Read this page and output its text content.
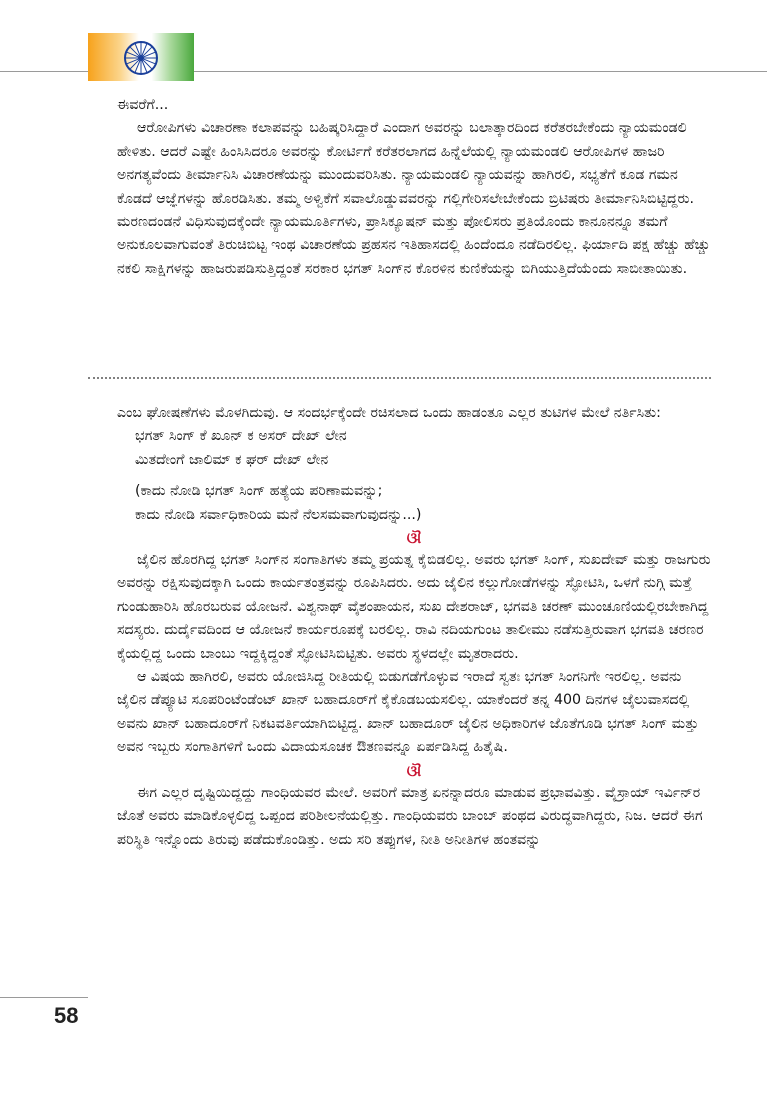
ಈವರೆಗೆ...

ಆರೋಪಿಗಳು ವಿಚಾರಣಾ ಕಲಾಪವನ್ನು ಬಹಿಷ್ಕರಿಸಿದ್ದಾರೆ ಎಂದಾಗ ಅವರನ್ನು ಬಲಾತ್ಕಾರದಿಂದ ಕರೆತರಬೇಕೆಂದು ನ್ಯಾಯಮಂಡಲಿ ಹೇಳಿತು. ಆದರೆ ಎಷ್ಟೇ ಹಿಂಸಿಸಿದರೂ ಅವರನ್ನು ಕೋರ್ಟಿಗೆ ಕರೆತರಲಾಗದ ಹಿನ್ನೆಲೆಯಲ್ಲಿ ನ್ಯಾಯಮಂಡಲಿ ಆರೋಪಿಗಳ ಹಾಜರಿ ಅನಗತ್ಯವೆಂದು ತೀರ್ಮಾನಿಸಿ ವಿಚಾರಣೆಯನ್ನು ಮುಂದುವರಿಸಿತು. ನ್ಯಾಯಮಂಡಲಿ ನ್ಯಾಯವನ್ನು ಹಾಗಿರಲಿ, ಸಭ್ಯತೆಗೆ ಕೂಡ ಗಮನ ಕೊಡದೆ ಆಜ್ಞೆಗಳನ್ನು ಹೊರಡಿಸಿತು. ತಮ್ಮ ಅಳ್ವಿಕೆಗೆ ಸವಾಲೊಡ್ಡುವವರನ್ನು ಗಲ್ಲಿಗೇರಿಸಲೇಬೇಕೆಂದು ಬ್ರಿಟಿಷರು ತೀರ್ಮಾನಿಸಿಬಿಟ್ಟಿದ್ದರು. ಮರಣದಂಡನೆ ವಿಧಿಸುವುದಕ್ಕೆಂದೇ ನ್ಯಾಯಮೂರ್ತಿಗಳು, ಪ್ರಾಸಿಕ್ಯೂಷನ್ ಮತ್ತು ಪೋಲಿಸರು ಪ್ರತಿಯೊಂದು ಕಾನೂನನ್ನೂ ತಮಗೆ ಅನುಕೂಲವಾಗುವಂತೆ ತಿರುಚಿಬಿಟ್ಟ ಇಂಥ ವಿಚಾರಣೆಯ ಪ್ರಹಸನ ಇತಿಹಾಸದಲ್ಲಿ ಹಿಂದೆಂದೂ ನಡೆದಿರಲಿಲ್ಲ. ಫಿರ್ಯಾದಿ ಪಕ್ಷ ಹೆಚ್ಚು ಹೆಚ್ಚು ನಕಲಿ ಸಾಕ್ಷಿಗಳನ್ನು ಹಾಜರುಪಡಿಸುತ್ತಿದ್ದಂತೆ ಸರಕಾರ ಭಗತ್ ಸಿಂಗ್‌ನ ಕೊರಳಿನ ಕುಣಿಕೆಯನ್ನು ಬಿಗಿಯುತ್ತಿದೆಯೆಂದು ಸಾಬೀತಾಯಿತು.

ಎಂಬ ಘೋಷಣೆಗಳು ಮೊಳಗಿದುವು. ಆ ಸಂದರ್ಭಕ್ಕೆಂದೇ ರಚಿಸಲಾದ ಒಂದು ಹಾಡಂತೂ ಎಲ್ಲರ ತುಟಿಗಳ ಮೇಲೆ ನರ್ತಿಸಿತು:

ಭಗತ್ ಸಿಂಗ್ ಕೆ ಖೂನ್ ಕ ಅಸರ್ ದೇಖ್ ಲೇನ

ಮಿತದೇಂಗೆ ಜಾಲಿಮ್ ಕ ಘರ್ ದೇಖ್ ಲೇನ

(ಕಾದು ನೋಡಿ ಭಗತ್ ಸಿಂಗ್ ಹತ್ಯೆಯ ಪರಿಣಾಮವನ್ನು;

ಕಾದು ನೋಡಿ ಸರ್ವಾಧಿಕಾರಿಯ ಮನೆ ನೆಲಸಮವಾಗುವುದನ್ನು...)

ଔ

ಜೈಲಿನ ಹೊರಗಿದ್ದ ಭಗತ್ ಸಿಂಗ್‌ನ ಸಂಗಾತಿಗಳು ತಮ್ಮ ಪ್ರಯತ್ನ ಕೈಬಿಡಲಿಲ್ಲ. ಅವರು ಭಗತ್ ಸಿಂಗ್, ಸುಖದೇವ್ ಮತ್ತು ರಾಜಗುರು ಅವರನ್ನು ರಕ್ಷಿಸುವುದಕ್ಕಾಗಿ ಒಂದು ಕಾರ್ಯತಂತ್ರವನ್ನು ರೂಪಿಸಿದರು. ಅದು ಜೈಲಿನ ಕಲ್ಲುಗೋಡೆಗಳನ್ನು ಸ್ಫೋಟಿಸಿ, ಒಳಗೆ ನುಗ್ಗಿ ಮತ್ತೆ ಗುಂಡುಹಾರಿಸಿ ಹೊರಬರುವ ಯೋಜನೆ. ವಿಶ್ವನಾಥ್ ವೈಶಂಪಾಯನ, ಸುಖ ದೇಶರಾಜ್, ಭಗವತಿ ಚರಣ್ ಮುಂಚೂಣಿಯಲ್ಲಿರಬೇಕಾಗಿದ್ದ ಸದಸ್ಯರು. ದುರ್ದೈವದಿಂದ ಆ ಯೋಜನೆ ಕಾರ್ಯರೂಪಕ್ಕೆ ಬರಲಿಲ್ಲ. ರಾವಿ ನದಿಯಗುಂಟ ತಾಲೀಮು ನಡೆಸುತ್ತಿರುವಾಗ ಭಗವತಿ ಚರಣರ ಕೈಯಲ್ಲಿದ್ದ ಒಂದು ಬಾಂಬು ಇದ್ದಕ್ಕಿದ್ದಂತೆ ಸ್ಫೋಟಿಸಿಬಿಟ್ಟಿತು. ಅವರು ಸ್ಥಳದಲ್ಲೇ ಮೃತರಾದರು.

ಆ ವಿಷಯ ಹಾಗಿರಲಿ, ಅವರು ಯೋಜಿಸಿದ್ದ ರೀತಿಯಲ್ಲಿ ಬಿಡುಗಡೆಗೊಳ್ಳುವ ಇರಾದೆ ಸ್ವತಃ ಭಗತ್ ಸಿಂಗನಿಗೇ ಇರಲಿಲ್ಲ. ಅವನು ಜೈಲಿನ ಡೆಪ್ಯೂಟಿ ಸೂಪರಿಂಟೆಂಡೆಂಟ್ ಖಾನ್ ಬಹಾದೂರ್‌ಗೆ ಕೈಕೊಡಬಯಸಲಿಲ್ಲ. ಯಾಕೆಂದರೆ ತನ್ನ 400 ದಿನಗಳ ಜೈಲುವಾಸದಲ್ಲಿ ಅವನು ಖಾನ್ ಬಹಾದೂರ್‌ಗೆ ನಿಕಟವರ್ತಿಯಾಗಿಬಿಟ್ಟಿದ್ದ. ಖಾನ್ ಬಹಾದೂರ್ ಜೈಲಿನ ಅಧಿಕಾರಿಗಳ ಜೊತೆಗೂಡಿ ಭಗತ್ ಸಿಂಗ್ ಮತ್ತು ಅವನ ಇಬ್ಬರು ಸಂಗಾತಿಗಳಿಗೆ ಒಂದು ವಿದಾಯಸೂಚಕ ಔತಣವನ್ನೂ ಏರ್ಪಡಿಸಿದ್ದ ಹಿತೈಷಿ.

ଔ

ಈಗ ಎಲ್ಲರ ದೃಷ್ಟಿಯಿದ್ದದ್ದು ಗಾಂಧಿಯವರ ಮೇಲೆ. ಅವರಿಗೆ ಮಾತ್ರ ಏನನ್ನಾದರೂ ಮಾಡುವ ಪ್ರಭಾವವಿತ್ತು. ವೈಸ್ರಾಯ್ ಇರ್ವಿನ್‌ರ ಜೊತೆ ಅವರು ಮಾಡಿಕೊಳ್ಳಲಿದ್ದ ಒಪ್ಪಂದ ಪರಿಶೀಲನೆಯಲ್ಲಿತ್ತು. ಗಾಂಧಿಯವರು ಬಾಂಬ್ ಪಂಥದ ವಿರುದ್ಧವಾಗಿದ್ದರು, ನಿಜ. ಆದರೆ ಈಗ ಪರಿಸ್ಥಿತಿ ಇನ್ನೊಂದು ತಿರುವು ಪಡೆದುಕೊಂಡಿತ್ತು. ಅದು ಸರಿ ತಪ್ಪುಗಳ, ನೀತಿ ಅನೀತಿಗಳ ಹಂತವನ್ನು

58
